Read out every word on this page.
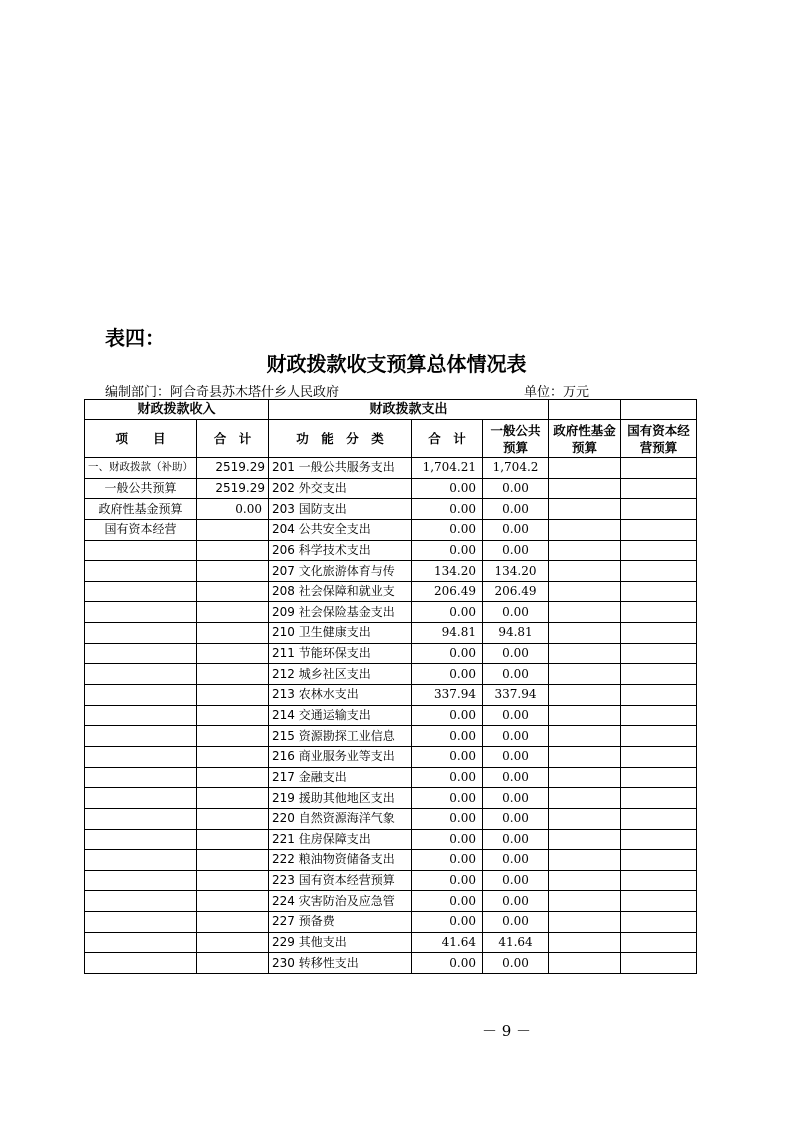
表四：
财政拨款收支预算总体情况表
编制部门：阿合奇县苏木塔什乡人民政府	单位：万元
财政拨款收入		财政拨款支出				
项　　目	合　计	功　能　分　类	合　计	一般公共预算	政府性基金预算	国有资本经营预算
一、财政拨款（补助）	2519.29	201 一般公共服务支出	1,704.21	1,704.2		
一般公共预算	2519.29	202 外交支出	0.00	0.00		
政府性基金预算	0.00	203 国防支出	0.00	0.00		
国有资本经营		204 公共安全支出	0.00	0.00		
		206 科学技术支出	0.00	0.00		
		207 文化旅游体育与传	134.20	134.20		
		208 社会保障和就业支	206.49	206.49		
		209 社会保险基金支出	0.00	0.00		
		210 卫生健康支出	94.81	94.81		
		211 节能环保支出	0.00	0.00		
		212 城乡社区支出	0.00	0.00		
		213 农林水支出	337.94	337.94		
		214 交通运输支出	0.00	0.00		
		215 资源勘探工业信息	0.00	0.00		
		216 商业服务业等支出	0.00	0.00		
		217 金融支出	0.00	0.00		
		219 援助其他地区支出	0.00	0.00		
		220 自然资源海洋气象	0.00	0.00		
		221 住房保障支出	0.00	0.00		
		222 粮油物资储备支出	0.00	0.00		
		223 国有资本经营预算	0.00	0.00		
		224 灾害防治及应急管	0.00	0.00		
		227 预备费	0.00	0.00		
		229 其他支出	41.64	41.64		
		230 转移性支出	0.00	0.00		
－ 9 －
